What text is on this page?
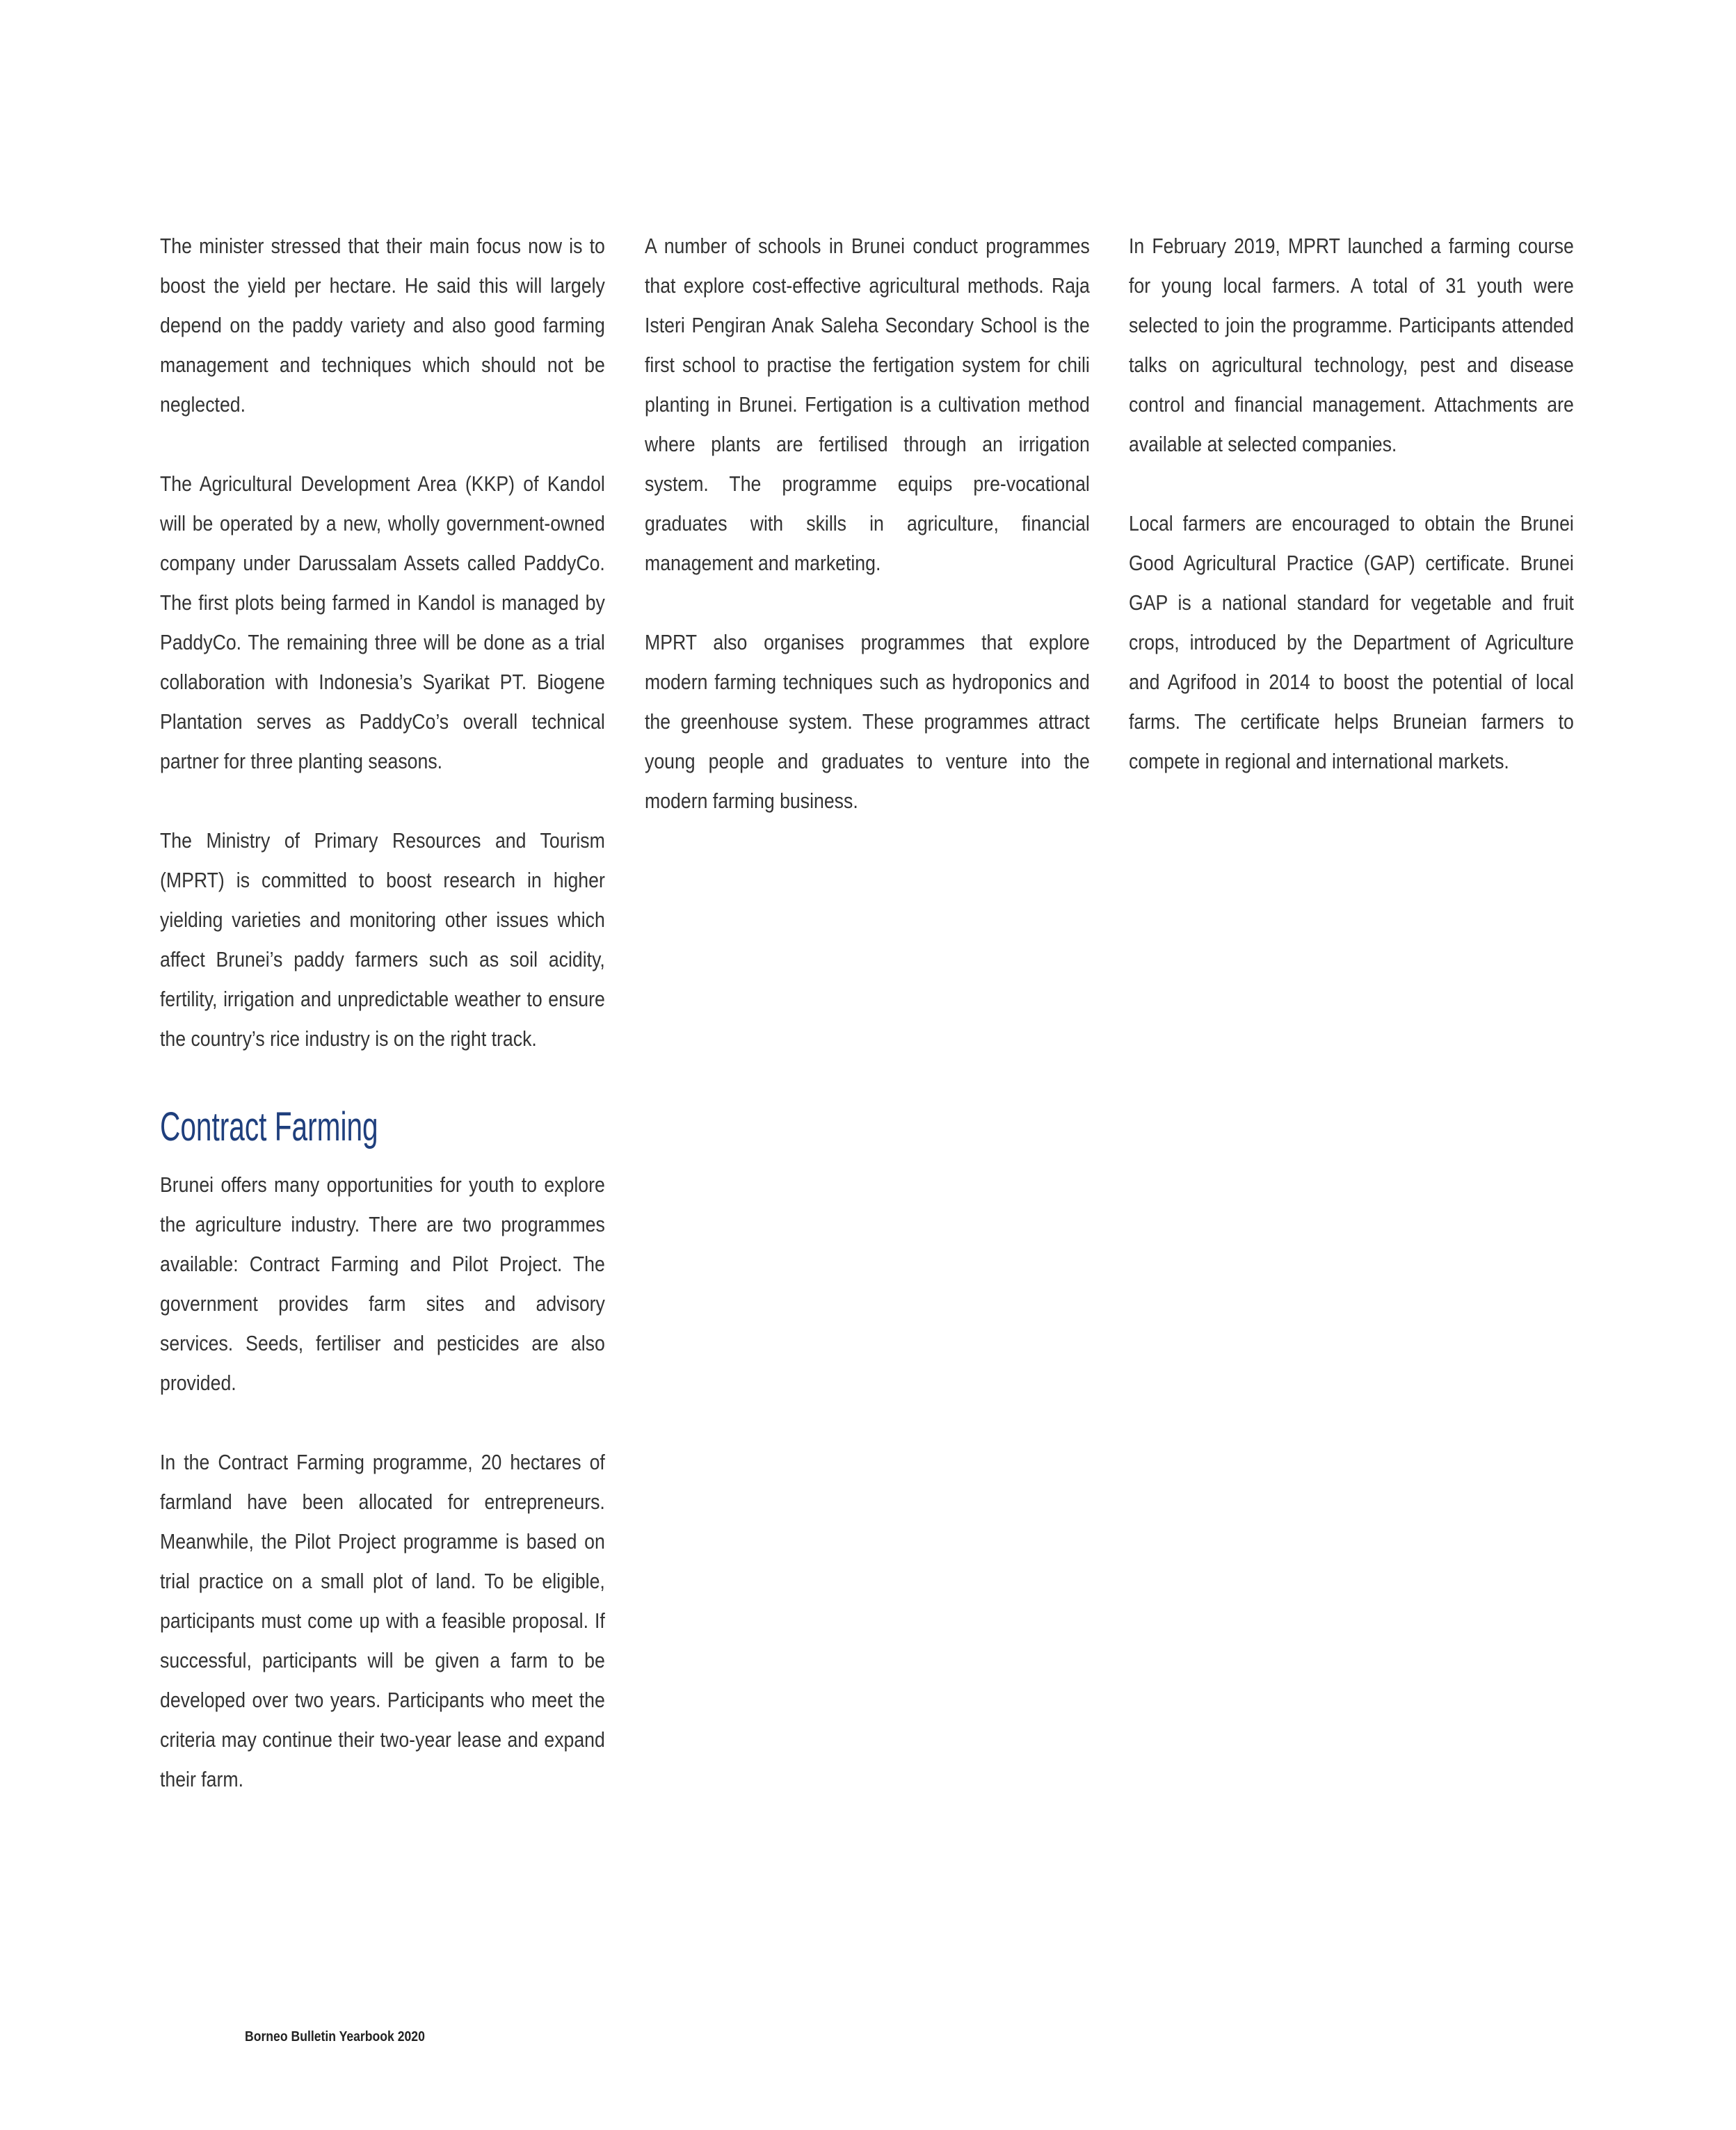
The minister stressed that their main focus now is to boost the yield per hectare. He said this will largely depend on the paddy variety and also good farming management and techniques which should not be neglected.

The Agricultural Development Area (KKP) of Kandol will be operated by a new, wholly government-owned company under Darussalam Assets called PaddyCo. The first plots being farmed in Kandol is managed by PaddyCo. The remaining three will be done as a trial collaboration with Indonesia’s Syarikat PT. Biogene Plantation serves as PaddyCo’s overall technical partner for three planting seasons.

The Ministry of Primary Resources and Tourism (MPRT) is committed to boost research in higher yielding varieties and monitoring other issues which affect Brunei’s paddy farmers such as soil acidity, fertility, irrigation and unpredictable weather to ensure the country’s rice industry is on the right track.

Contract Farming

Brunei offers many opportunities for youth to explore the agriculture industry. There are two programmes available: Contract Farming and Pilot Project. The government provides farm sites and advisory services. Seeds, fertiliser and pesticides are also provided.

In the Contract Farming programme, 20 hectares of farmland have been allocated for entrepreneurs. Meanwhile, the Pilot Project programme is based on trial practice on a small plot of land. To be eligible, participants must come up with a feasible proposal. If successful, participants will be given a farm to be developed over two years. Participants who meet the criteria may continue their two-year lease and expand their farm.

A number of schools in Brunei conduct programmes that explore cost-effective agricultural methods. Raja Isteri Pengiran Anak Saleha Secondary School is the first school to practise the fertigation system for chili planting in Brunei. Fertigation is a cultivation method where plants are fertilised through an irrigation system. The programme equips pre-vocational graduates with skills in agriculture, financial management and marketing.

MPRT also organises programmes that explore modern farming techniques such as hydroponics and the greenhouse system. These programmes attract young people and graduates to venture into the modern farming business.

In February 2019, MPRT launched a farming course for young local farmers. A total of 31 youth were selected to join the programme. Participants attended talks on agricultural technology, pest and disease control and financial management. Attachments are available at selected companies.

Local farmers are encouraged to obtain the Brunei Good Agricultural Practice (GAP) certificate. Brunei GAP is a national standard for vegetable and fruit crops, introduced by the Department of Agriculture and Agrifood in 2014 to boost the potential of local farms. The certificate helps Bruneian farmers to compete in regional and international markets.

Borneo Bulletin Yearbook 2020
